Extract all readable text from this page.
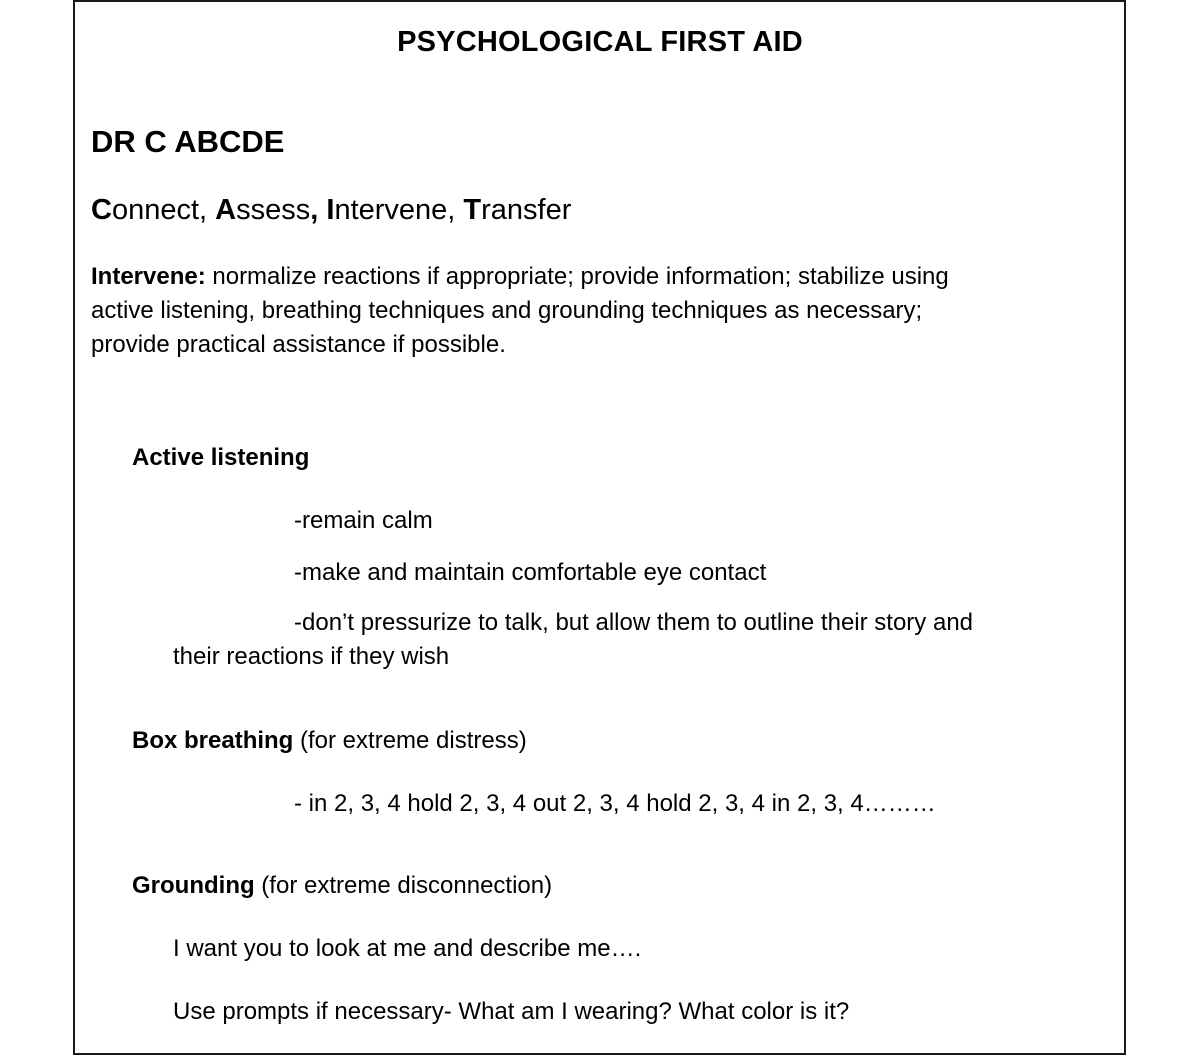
PSYCHOLOGICAL FIRST AID
DR C ABCDE
Connect, Assess, Intervene, Transfer
Intervene: normalize reactions if appropriate; provide information; stabilize using
active listening, breathing techniques and grounding techniques as necessary;
provide practical assistance if possible.
Active listening
-remain calm
-make and maintain comfortable eye contact
-don’t pressurize to talk, but allow them to outline their story and
their reactions if they wish
Box breathing (for extreme distress)
- in 2, 3, 4 hold 2, 3, 4 out 2, 3, 4 hold 2, 3, 4 in 2, 3, 4………
Grounding (for extreme disconnection)
I want you to look at me and describe me….
Use prompts if necessary- What am I wearing? What color is it?
